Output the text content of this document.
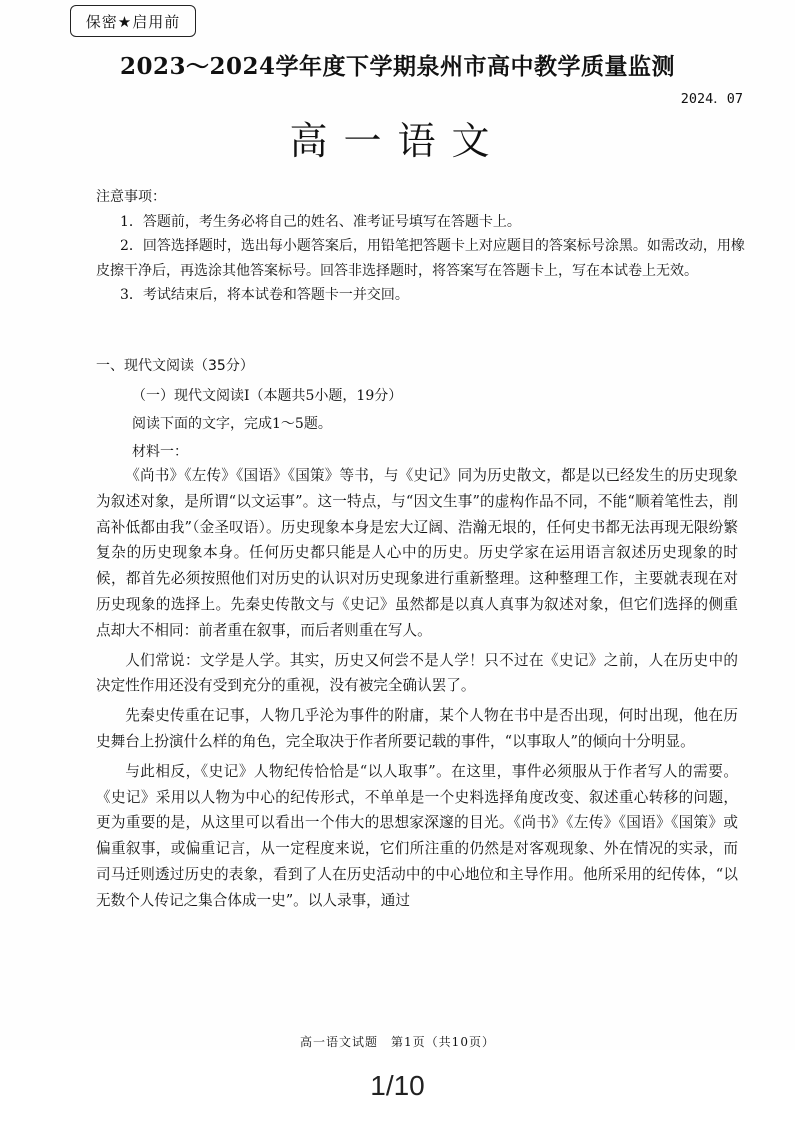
保密★启用前
2023～2024学年度下学期泉州市高中教学质量监测
2024．07
高一语文

注意事项：

1．答题前，考生务必将自己的姓名、准考证号填写在答题卡上。

2．回答选择题时，选出每小题答案后，用铅笔把答题卡上对应题目的答案标号涂黑。如需改动，用橡皮擦干净后，再选涂其他答案标号。回答非选择题时，将答案写在答题卡上，写在本试卷上无效。

3．考试结束后，将本试卷和答题卡一并交回。

一、现代文阅读（35分）
（一）现代文阅读Ⅰ（本题共5小题，19分）
阅读下面的文字，完成1～5题。
材料一：

《尚书》《左传》《国语》《国策》等书，与《史记》同为历史散文，都是以已经发生的历史现象为叙述对象，是所谓“以文运事”。这一特点，与“因文生事”的虚构作品不同，不能“顺着笔性去，削高补低都由我”（金圣叹语）。历史现象本身是宏大辽阔、浩瀚无垠的，任何史书都无法再现无限纷繁复杂的历史现象本身。任何历史都只能是人心中的历史。历史学家在运用语言叙述历史现象的时候，都首先必须按照他们对历史的认识对历史现象进行重新整理。这种整理工作，主要就表现在对历史现象的选择上。先秦史传散文与《史记》虽然都是以真人真事为叙述对象，但它们选择的侧重点却大不相同：前者重在叙事，而后者则重在写人。

人们常说：文学是人学。其实，历史又何尝不是人学！只不过在《史记》之前，人在历史中的决定性作用还没有受到充分的重视，没有被完全确认罢了。

先秦史传重在记事，人物几乎沦为事件的附庸，某个人物在书中是否出现，何时出现，他在历史舞台上扮演什么样的角色，完全取决于作者所要记载的事件，“以事取人”的倾向十分明显。

与此相反，《史记》人物纪传恰恰是“以人取事”。在这里，事件必须服从于作者写人的需要。《史记》采用以人物为中心的纪传形式，不单单是一个史料选择角度改变、叙述重心转移的问题，更为重要的是，从这里可以看出一个伟大的思想家深邃的目光。《尚书》《左传》《国语》《国策》或偏重叙事，或偏重记言，从一定程度来说，它们所注重的仍然是对客观现象、外在情况的实录，而司马迁则透过历史的表象，看到了人在历史活动中的中心地位和主导作用。他所采用的纪传体，“以无数个人传记之集合体成一史”。以人录事，通过

高一语文试题　第1页（共10页）
1/10
